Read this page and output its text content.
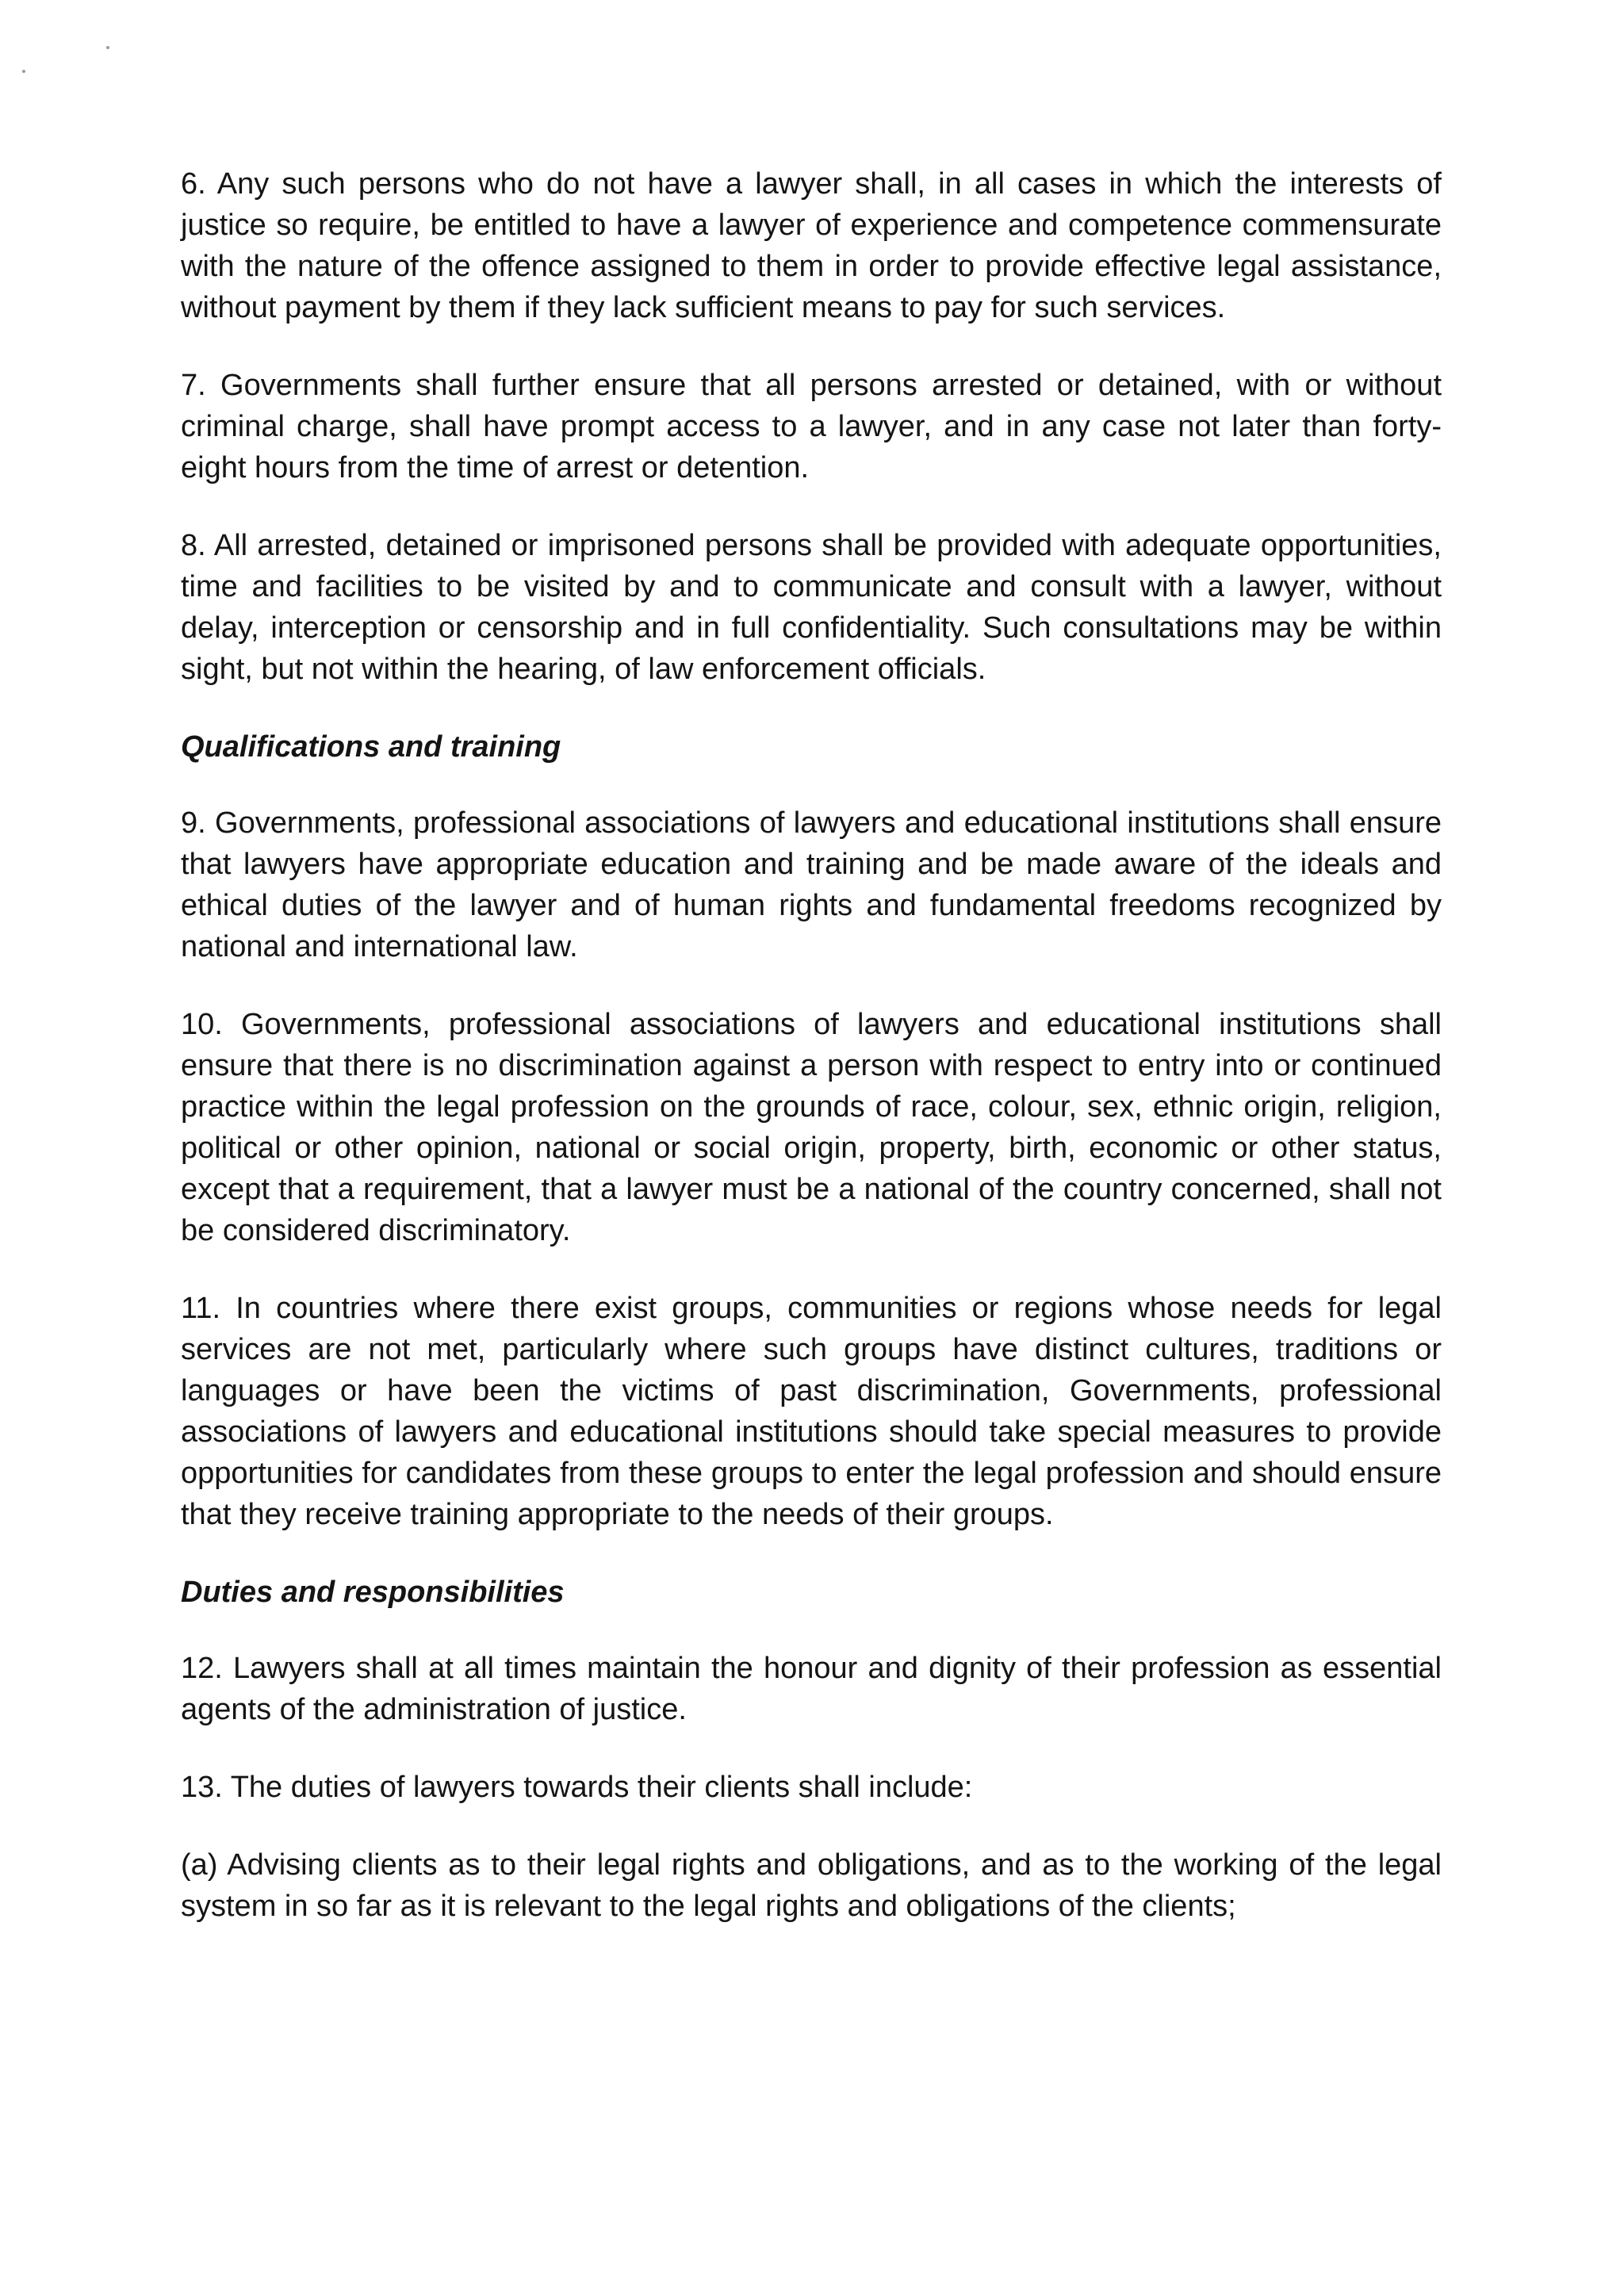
6. Any such persons who do not have a lawyer shall, in all cases in which the interests of justice so require, be entitled to have a lawyer of experience and competence commensurate with the nature of the offence assigned to them in order to provide effective legal assistance, without payment by them if they lack sufficient means to pay for such services.

7. Governments shall further ensure that all persons arrested or detained, with or without criminal charge, shall have prompt access to a lawyer, and in any case not later than forty-eight hours from the time of arrest or detention.

8. All arrested, detained or imprisoned persons shall be provided with adequate opportunities, time and facilities to be visited by and to communicate and consult with a lawyer, without delay, interception or censorship and in full confidentiality. Such consultations may be within sight, but not within the hearing, of law enforcement officials.

Qualifications and training

9. Governments, professional associations of lawyers and educational institutions shall ensure that lawyers have appropriate education and training and be made aware of the ideals and ethical duties of the lawyer and of human rights and fundamental freedoms recognized by national and international law.

10. Governments, professional associations of lawyers and educational institutions shall ensure that there is no discrimination against a person with respect to entry into or continued practice within the legal profession on the grounds of race, colour, sex, ethnic origin, religion, political or other opinion, national or social origin, property, birth, economic or other status, except that a requirement, that a lawyer must be a national of the country concerned, shall not be considered discriminatory.

11. In countries where there exist groups, communities or regions whose needs for legal services are not met, particularly where such groups have distinct cultures, traditions or languages or have been the victims of past discrimination, Governments, professional associations of lawyers and educational institutions should take special measures to provide opportunities for candidates from these groups to enter the legal profession and should ensure that they receive training appropriate to the needs of their groups.

Duties and responsibilities

12. Lawyers shall at all times maintain the honour and dignity of their profession as essential agents of the administration of justice.

13. The duties of lawyers towards their clients shall include:

(a) Advising clients as to their legal rights and obligations, and as to the working of the legal system in so far as it is relevant to the legal rights and obligations of the clients;
